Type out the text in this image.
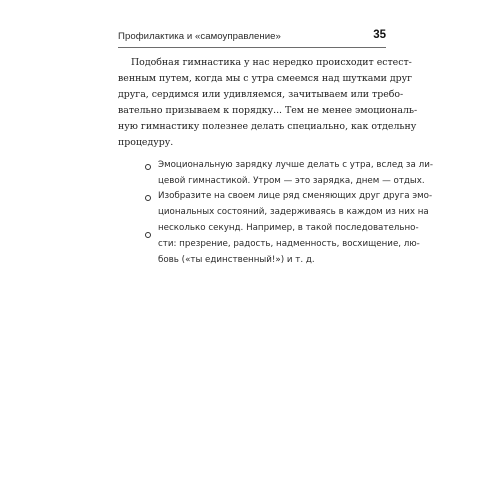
Профилактика и «самоуправление»	35
Подобная гимнастика у нас нередко происходит естест-
венным путем, когда мы с утра смеемся над шутками друг
друга, сердимся или удивляемся, зачитываем или требо-
вательно призываем к порядку... Тем не менее эмоциональ-
ную гимнастику полезнее делать специально, как отдельну
процедуру.
Эмоциональную зарядку лучше делать с утра, вслед за ли-
цевой гимнастикой. Утром — это зарядка, днем — отдых.
Изобразите на своем лице ряд сменяющих друг друга эмо-
циональных состояний, задерживаясь в каждом из них на
несколько секунд. Например, в такой последовательно-
сти: презрение, радость, надменность, восхищение, лю-
бовь («ты единственный!») и т. д.
